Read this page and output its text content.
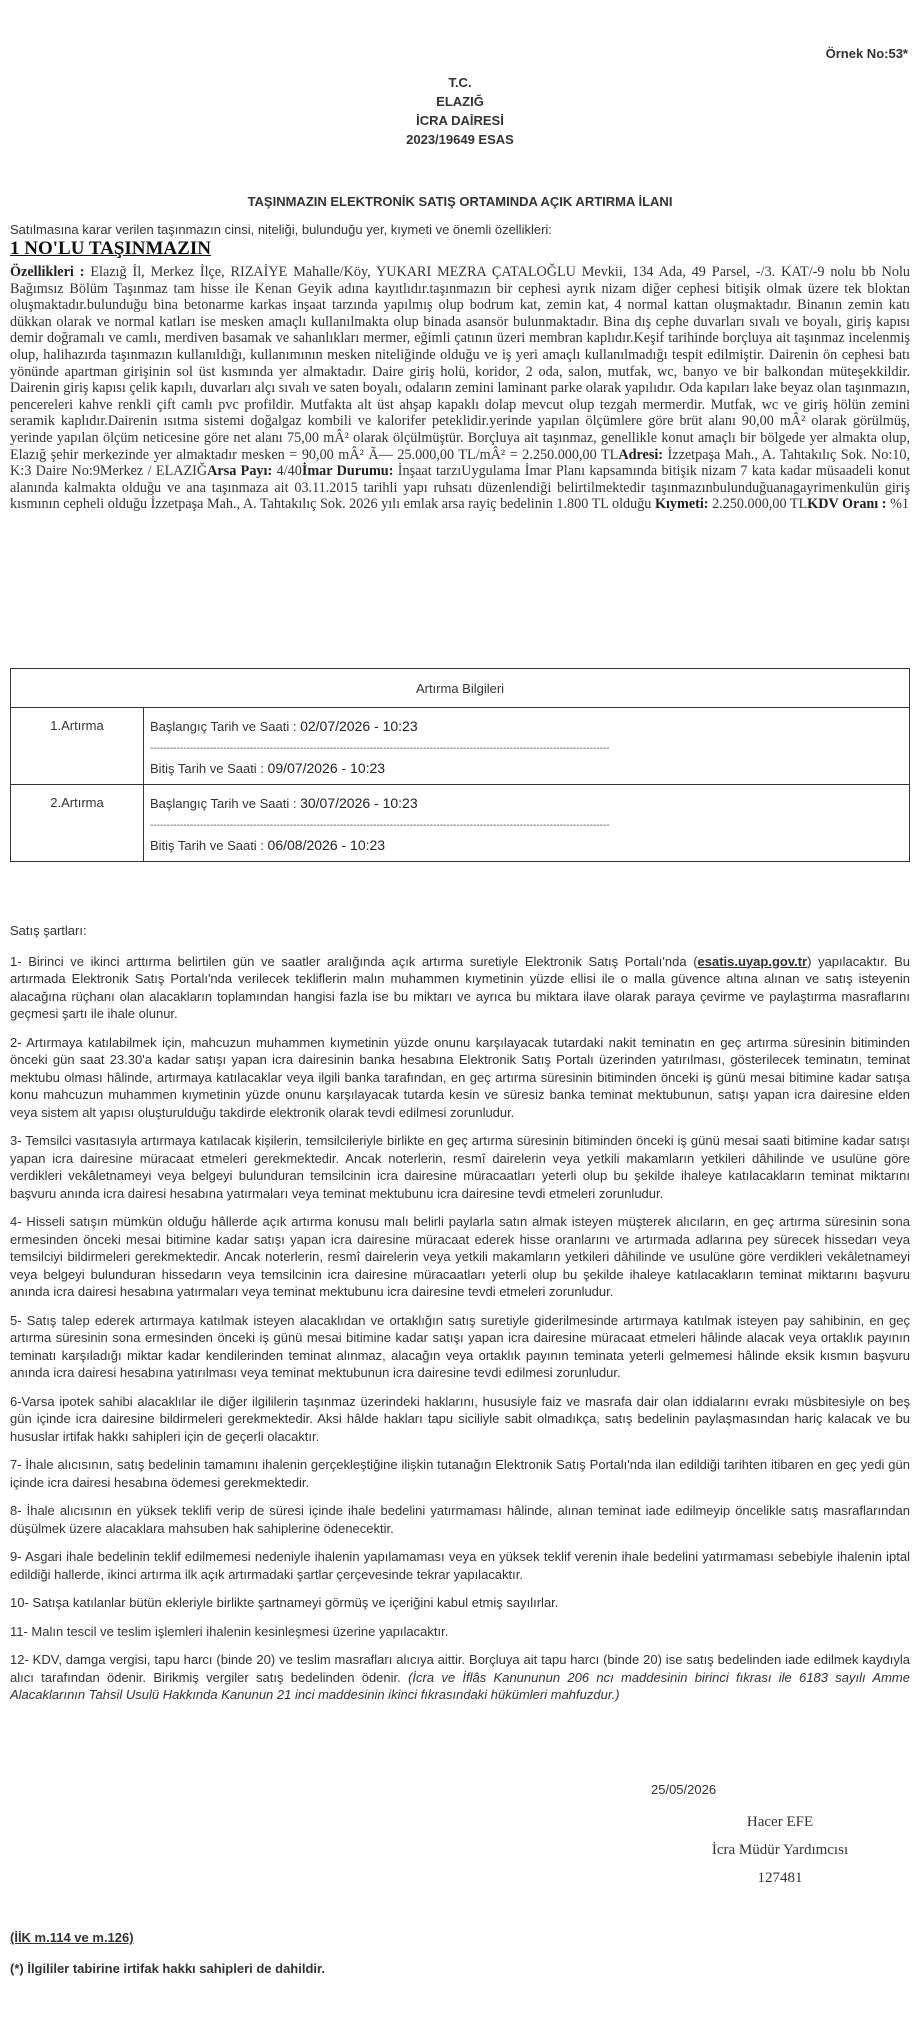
Örnek No:53*
T.C.
ELAZIĞ
İCRA DAİRESİ
2023/19649 ESAS
TAŞINMAZIN ELEKTRONİK SATIŞ ORTAMINDA AÇIK ARTIRMA İLANI
Satılmasına karar verilen taşınmazın cinsi, niteliği, bulunduğu yer, kıymeti ve önemli özellikleri:
1 NO'LU TAŞINMAZIN
Özellikleri : Elazığ İl, Merkez İlçe, RIZAİYE Mahalle/Köy, YUKARI MEZRA ÇATALOĞLU Mevkii, 134 Ada, 49 Parsel, -/3. KAT/-9 nolu bb Nolu Bağımsız Bölüm Taşınmaz tam hisse ile Kenan Geyik adına kayıtlıdır.taşınmazın bir cephesi ayrık nizam diğer cephesi bitişik olmak üzere tek bloktan oluşmaktadır.bulunduğu bina betonarme karkas inşaat tarzında yapılmış olup bodrum kat, zemin kat, 4 normal kattan oluşmaktadır. Binanın zemin katı dükkan olarak ve normal katları ise mesken amaçlı kullanılmakta olup binada asansör bulunmaktadır. Bina dış cephe duvarları sıvalı ve boyalı, giriş kapısı demir doğramalı ve camlı, merdiven basamak ve sahanlıkları mermer, eğimli çatının üzeri membran kaplıdır.Keşif tarihinde borçluya ait taşınmaz incelenmiş olup, halihazırda taşınmazın kullanıldığı, kullanımının mesken niteliğinde olduğu ve iş yeri amaçlı kullanılmadığı tespit edilmiştir. Dairenin ön cephesi batı yönünde apartman girişinin sol üst kısmında yer almaktadır. Daire giriş holü, koridor, 2 oda, salon, mutfak, wc, banyo ve bir balkondan müteşekkildir. Dairenin giriş kapısı çelik kapılı, duvarları alçı sıvalı ve saten boyalı, odaların zemini laminant parke olarak yapılıdır. Oda kapıları lake beyaz olan taşınmazın, pencereleri kahve renkli çift camlı pvc profildir. Mutfakta alt üst ahşap kapaklı dolap mevcut olup tezgah mermerdir. Mutfak, wc ve giriş hölün zemini seramik kaplıdır.Dairenin ısıtma sistemi doğalgaz kombili ve kalorifer peteklidir.yerinde yapılan ölçümlere göre brüt alanı 90,00 mÂ² olarak görülmüş, yerinde yapılan ölçüm neticesine göre net alanı 75,00 mÂ² olarak ölçülmüştür. Borçluya ait taşınmaz, genellikle konut amaçlı bir bölgede yer almakta olup, Elazığ şehir merkezinde yer almaktadır mesken = 90,00 mÂ² Ã— 25.000,00 TL/mÂ² = 2.250.000,00 TLAdresi: İzzetpaşa Mah., A. Tahtakılıç Sok. No:10, K:3 Daire No:9Merkez / ELAZIĞArsa Payı: 4/40İmar Durumu: İnşaat tarzıUygulama İmar Planı kapsamında bitişik nizam 7 kata kadar müsaadeli konut alanında kalmakta olduğu ve ana taşınmaza ait 03.11.2015 tarihli yapı ruhsatı düzenlendiği belirtilmektedir taşınmazınbulunduğuanagayrimenkulün giriş kısmının cepheli olduğu İzzetpaşa Mah., A. Tahtakılıç Sok. 2026 yılı emlak arsa rayiç bedelinin 1.800 TL olduğu Kıymeti: 2.250.000,00 TLKDV Oranı : %1
Artırma Bilgileri	
1.Artırma	Başlangıç Tarih ve Saati : 02/07/2026 - 10:23
------------------------------------------------------------------------------------------------------------------------------------------
Bitiş Tarih ve Saati : 09/07/2026 - 10:23

2.Artırma	Başlangıç Tarih ve Saati : 30/07/2026 - 10:23
------------------------------------------------------------------------------------------------------------------------------------------
Bitiş Tarih ve Saati : 06/08/2026 - 10:23

Satış şartları:

1- Birinci ve ikinci arttırma belirtilen gün ve saatler aralığında açık artırma suretiyle Elektronik Satış Portalı'nda (esatis.uyap.gov.tr) yapılacaktır. Bu artırmada Elektronik Satış Portalı'nda verilecek tekliflerin malın muhammen kıymetinin yüzde ellisi ile o malla güvence altına alınan ve satış isteyenin alacağına rüçhanı olan alacakların toplamından hangisi fazla ise bu miktarı ve ayrıca bu miktara ilave olarak paraya çevirme ve paylaştırma masraflarını geçmesi şartı ile ihale olunur.

2- Artırmaya katılabilmek için, mahcuzun muhammen kıymetinin yüzde onunu karşılayacak tutardaki nakit teminatın en geç artırma süresinin bitiminden önceki gün saat 23.30'a kadar satışı yapan icra dairesinin banka hesabına Elektronik Satış Portalı üzerinden yatırılması, gösterilecek teminatın, teminat mektubu olması hâlinde, artırmaya katılacaklar veya ilgili banka tarafından, en geç artırma süresinin bitiminden önceki iş günü mesai bitimine kadar satışa konu mahcuzun muhammen kıymetinin yüzde onunu karşılayacak tutarda kesin ve süresiz banka teminat mektubunun, satışı yapan icra dairesine elden veya sistem alt yapısı oluşturulduğu takdirde elektronik olarak tevdi edilmesi zorunludur.

3- Temsilci vasıtasıyla artırmaya katılacak kişilerin, temsilcileriyle birlikte en geç artırma süresinin bitiminden önceki iş günü mesai saati bitimine kadar satışı yapan icra dairesine müracaat etmeleri gerekmektedir. Ancak noterlerin, resmî dairelerin veya yetkili makamların yetkileri dâhilinde ve usulüne göre verdikleri vekâletnameyi veya belgeyi bulunduran temsilcinin icra dairesine müracaatları yeterli olup bu şekilde ihaleye katılacakların teminat miktarını başvuru anında icra dairesi hesabına yatırmaları veya teminat mektubunu icra dairesine tevdi etmeleri zorunludur.

4- Hisseli satışın mümkün olduğu hâllerde açık artırma konusu malı belirli paylarla satın almak isteyen müşterek alıcıların, en geç artırma süresinin sona ermesinden önceki mesai bitimine kadar satışı yapan icra dairesine müracaat ederek hisse oranlarını ve artırmada adlarına pey sürecek hissedarı veya temsilciyi bildirmeleri gerekmektedir. Ancak noterlerin, resmî dairelerin veya yetkili makamların yetkileri dâhilinde ve usulüne göre verdikleri vekâletnameyi veya belgeyi bulunduran hissedarın veya temsilcinin icra dairesine müracaatları yeterli olup bu şekilde ihaleye katılacakların teminat miktarını başvuru anında icra dairesi hesabına yatırmaları veya teminat mektubunu icra dairesine tevdi etmeleri zorunludur.

5- Satış talep ederek artırmaya katılmak isteyen alacaklıdan ve ortaklığın satış suretiyle giderilmesinde artırmaya katılmak isteyen pay sahibinin, en geç artırma süresinin sona ermesinden önceki iş günü mesai bitimine kadar satışı yapan icra dairesine müracaat etmeleri hâlinde alacak veya ortaklık payının teminatı karşıladığı miktar kadar kendilerinden teminat alınmaz, alacağın veya ortaklık payının teminata yeterli gelmemesi hâlinde eksik kısmın başvuru anında icra dairesi hesabına yatırılması veya teminat mektubunun icra dairesine tevdi edilmesi zorunludur.

6-Varsa ipotek sahibi alacaklılar ile diğer ilgililerin taşınmaz üzerindeki haklarını, hususiyle faiz ve masrafa dair olan iddialarını evrakı müsbitesiyle on beş gün içinde icra dairesine bildirmeleri gerekmektedir. Aksi hâlde hakları tapu siciliyle sabit olmadıkça, satış bedelinin paylaşmasından hariç kalacak ve bu hususlar irtifak hakkı sahipleri için de geçerli olacaktır.

7- İhale alıcısının, satış bedelinin tamamını ihalenin gerçekleştiğine ilişkin tutanağın Elektronik Satış Portalı'nda ilan edildiği tarihten itibaren en geç yedi gün içinde icra dairesi hesabına ödemesi gerekmektedir.

8- İhale alıcısının en yüksek teklifi verip de süresi içinde ihale bedelini yatırmaması hâlinde, alınan teminat iade edilmeyip öncelikle satış masraflarından düşülmek üzere alacaklara mahsuben hak sahiplerine ödenecektir.

9- Asgari ihale bedelinin teklif edilmemesi nedeniyle ihalenin yapılamaması veya en yüksek teklif verenin ihale bedelini yatırmaması sebebiyle ihalenin iptal edildiği hallerde, ikinci artırma ilk açık artırmadaki şartlar çerçevesinde tekrar yapılacaktır.

10- Satışa katılanlar bütün ekleriyle birlikte şartnameyi görmüş ve içeriğini kabul etmiş sayılırlar.

11- Malın tescil ve teslim işlemleri ihalenin kesinleşmesi üzerine yapılacaktır.

12- KDV, damga vergisi, tapu harcı (binde 20) ve teslim masrafları alıcıya aittir. Borçluya ait tapu harcı (binde 20) ise satış bedelinden iade edilmek kaydıyla alıcı tarafından ödenir. Birikmiş vergiler satış bedelinden ödenir. (İcra ve İflâs Kanununun 206 ncı maddesinin birinci fıkrası ile 6183 sayılı Amme Alacaklarının Tahsil Usulü Hakkında Kanunun 21 inci maddesinin ikinci fıkrasındaki hükümleri mahfuzdur.)

25/05/2026
Hacer EFE
İcra Müdür Yardımcısı
127481
(İİK m.114 ve m.126)
(*) İlgililer tabirine irtifak hakkı sahipleri de dahildir.
